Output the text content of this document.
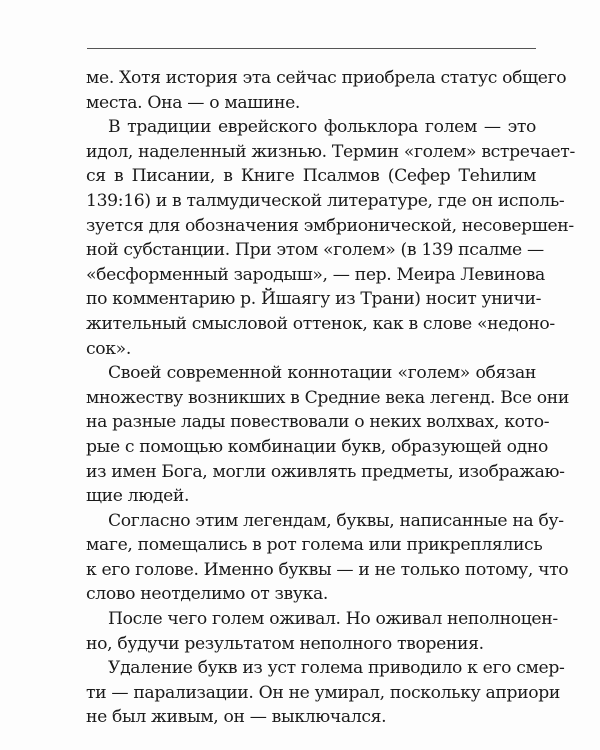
ме. Хотя история эта сейчас приобрела статус общего
места. Она — о машине.
В традиции еврейского фольклора голем — это
идол, наделенный жизнью. Термин «голем» встречает-
ся в Писании, в Книге Псалмов (Сефер Теһилим
139:16) и в талмудической литературе, где он исполь-
зуется для обозначения эмбрионической, несовершен-
ной субстанции. При этом «голем» (в 139 псалме —
«бесформенный зародыш», — пер. Меира Левинова
по комментарию р. Йшаягу из Трани) носит уничи-
жительный смысловой оттенок, как в слове «недоно-
сок».
Своей современной коннотации «голем» обязан
множеству возникших в Средние века легенд. Все они
на разные лады повествовали о неких волхвах, кото-
рые с помощью комбинации букв, образующей одно
из имен Бога, могли оживлять предметы, изображаю-
щие людей.
Согласно этим легендам, буквы, написанные на бу-
маге, помещались в рот голема или прикреплялись
к его голове. Именно буквы — и не только потому, что
слово неотделимо от звука.
После чего голем оживал. Но оживал неполноцен-
но, будучи результатом неполного творения.
Удаление букв из уст голема приводило к его смер-
ти — парализации. Он не умирал, поскольку априори
не был живым, он — выключался.
